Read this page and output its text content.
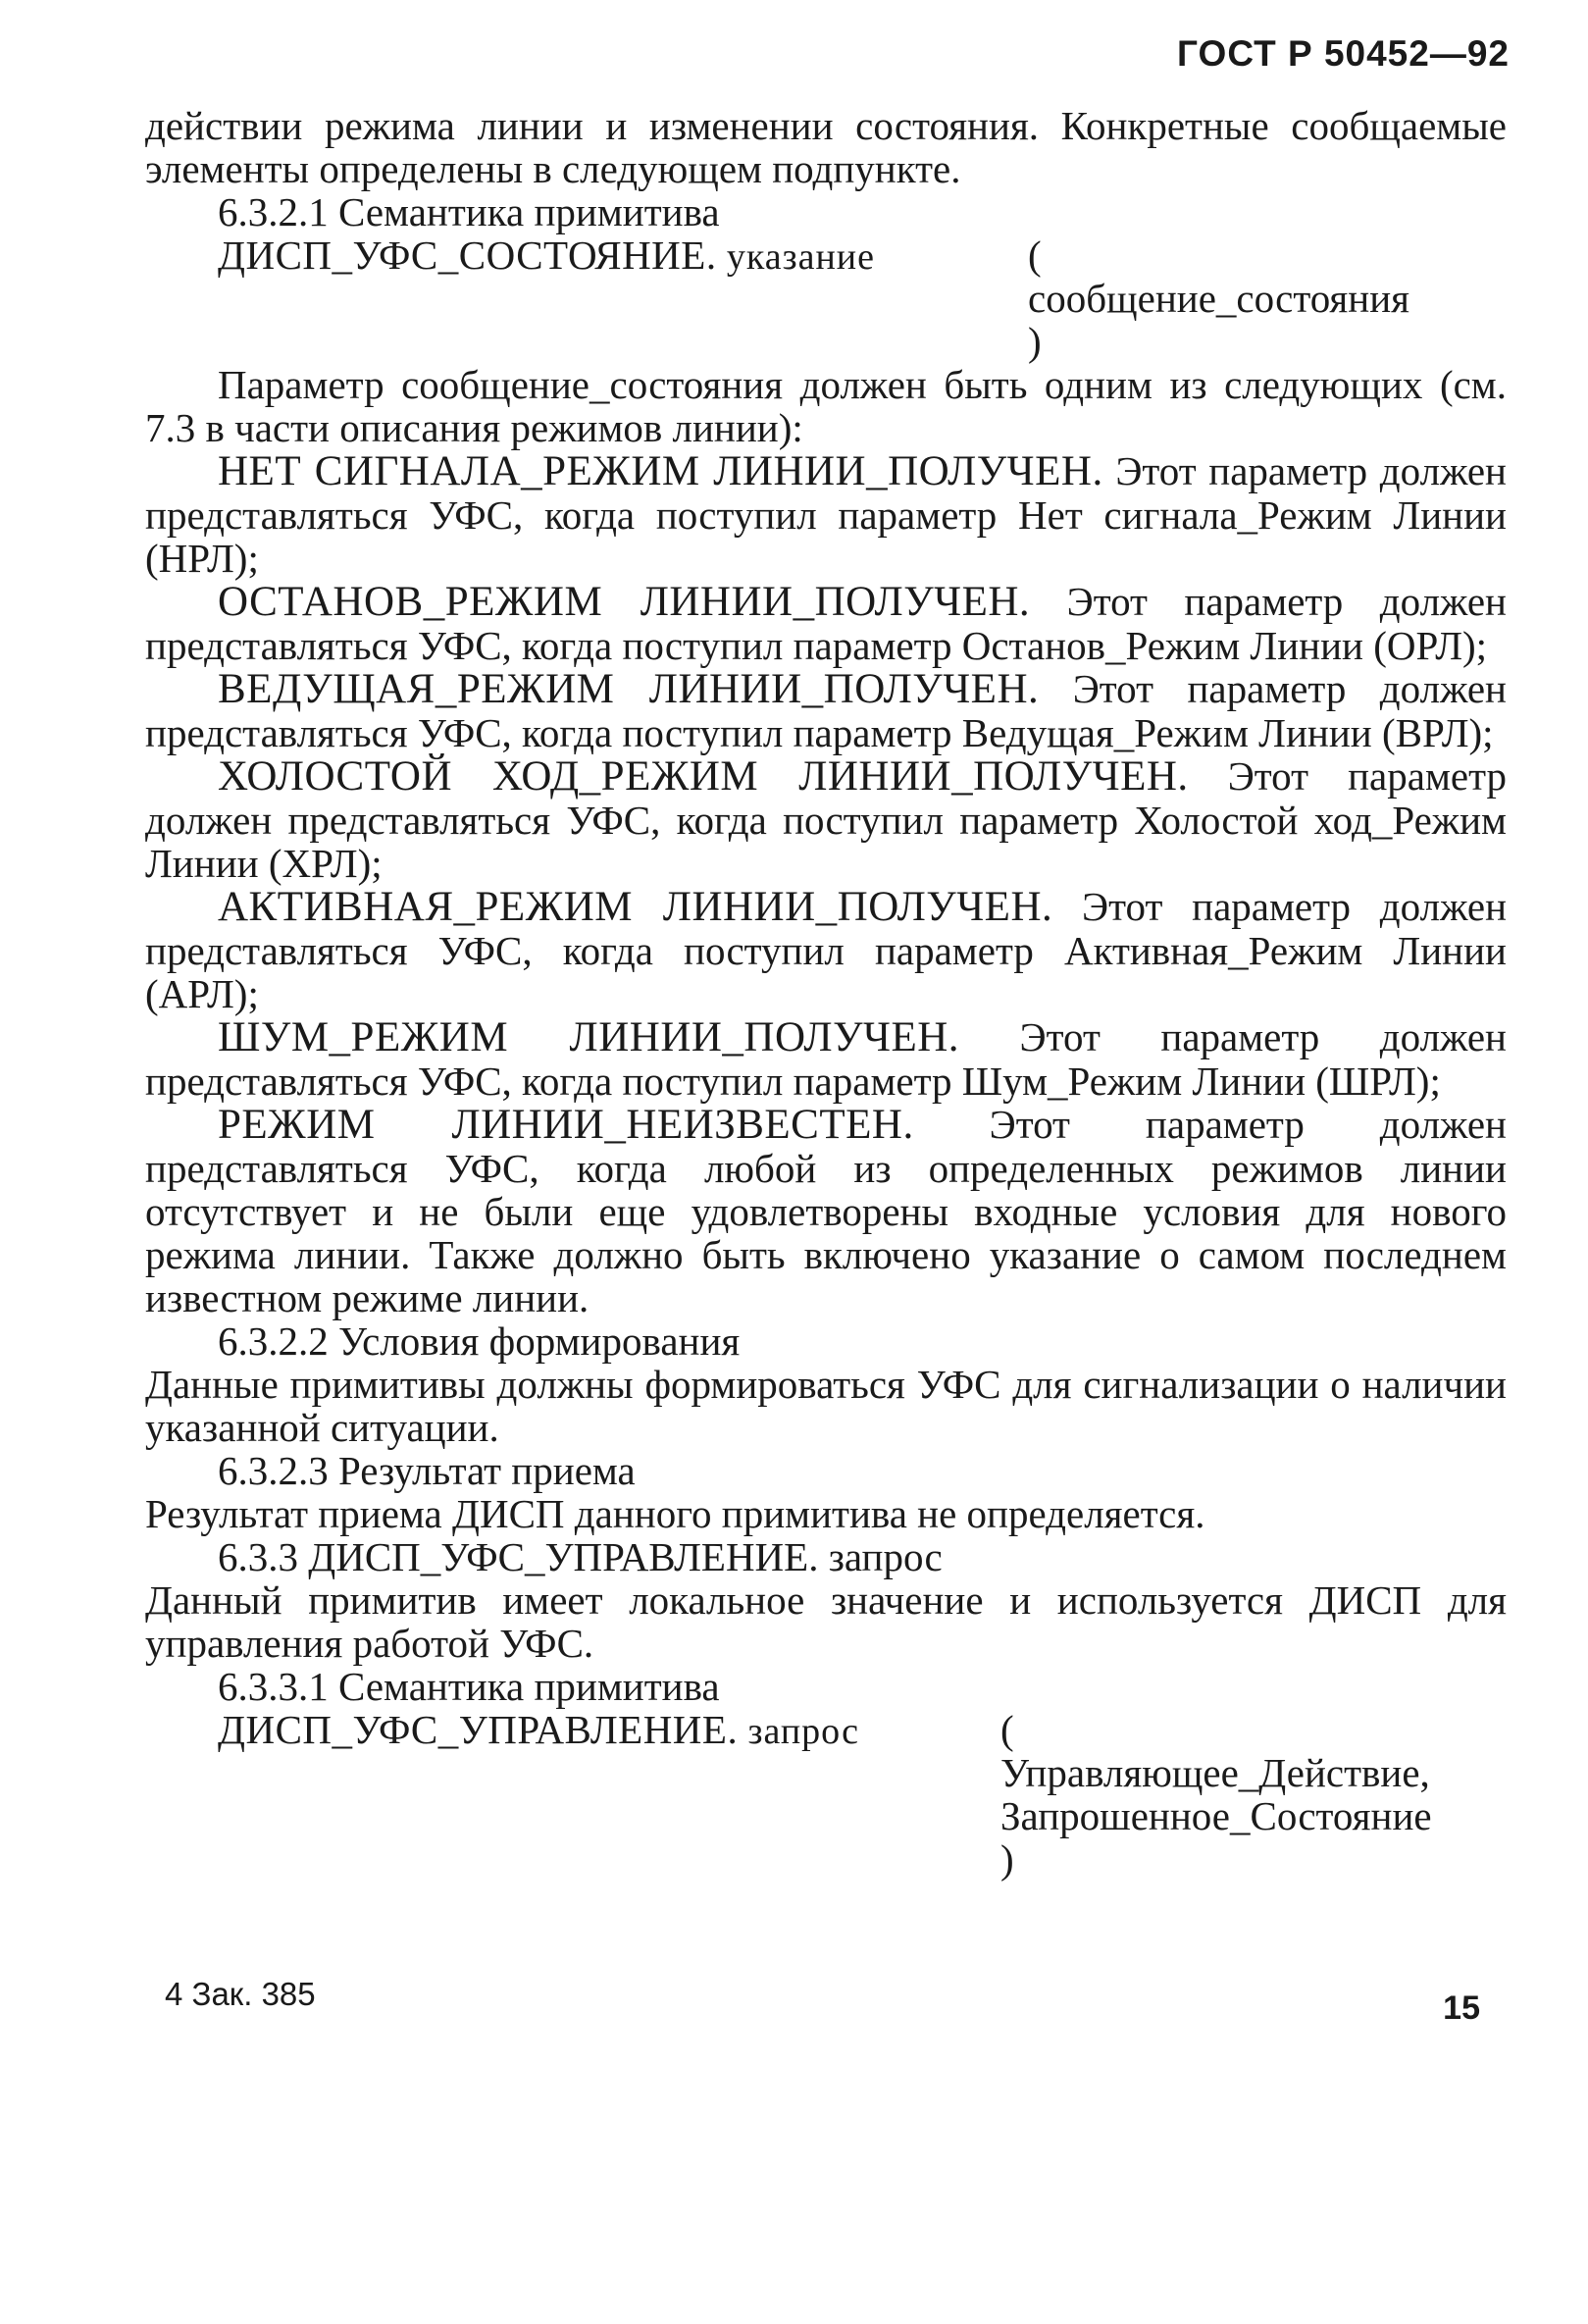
ГОСТ Р 50452—92

действии режима линии и изменении состояния. Конкретные сообщаемые элементы определены в следующем подпункте.

6.3.2.1 Семантика примитива

ДИСП_УФС_СОСТОЯНИЕ. указание	(

сообщение_состояния

)

Параметр сообщение_состояния должен быть одним из следующих (см. 7.3 в части описания режимов линии):

НЕТ СИГНАЛА_РЕЖИМ ЛИНИИ_ПОЛУЧЕН. Этот параметр должен представляться УФС, когда поступил параметр Нет сигнала_Режим Линии (НРЛ);

ОСТАНОВ_РЕЖИМ ЛИНИИ_ПОЛУЧЕН. Этот параметр должен представляться УФС, когда поступил параметр Останов_Режим Линии (ОРЛ);

ВЕДУЩАЯ_РЕЖИМ ЛИНИИ_ПОЛУЧЕН. Этот параметр должен представляться УФС, когда поступил параметр Ведущая_Режим Линии (ВРЛ);

ХОЛОСТОЙ ХОД_РЕЖИМ ЛИНИИ_ПОЛУЧЕН. Этот параметр должен представляться УФС, когда поступил параметр Холостой ход_Режим Линии (ХРЛ);

АКТИВНАЯ_РЕЖИМ ЛИНИИ_ПОЛУЧЕН. Этот параметр должен представляться УФС, когда поступил параметр Активная_Режим Линии (АРЛ);

ШУМ_РЕЖИМ ЛИНИИ_ПОЛУЧЕН. Этот параметр должен представляться УФС, когда поступил параметр Шум_Режим Линии (ШРЛ);

РЕЖИМ ЛИНИИ_НЕИЗВЕСТЕН. Этот параметр должен представляться УФС, когда любой из определенных режимов линии отсутствует и не были еще удовлетворены входные условия для нового режима линии. Также должно быть включено указание о самом последнем известном режиме линии.

6.3.2.2 Условия формирования

Данные примитивы должны формироваться УФС для сигнализации о наличии указанной ситуации.

6.3.2.3 Результат приема

Результат приема ДИСП данного примитива не определяется.

6.3.3 ДИСП_УФС_УПРАВЛЕНИЕ. запрос

Данный примитив имеет локальное значение и используется ДИСП для управления работой УФС.

6.3.3.1 Семантика примитива

ДИСП_УФС_УПРАВЛЕНИЕ. запрос	(

Управляющее_Действие,

Запрошенное_Состояние

)

4 Зак. 385	15
